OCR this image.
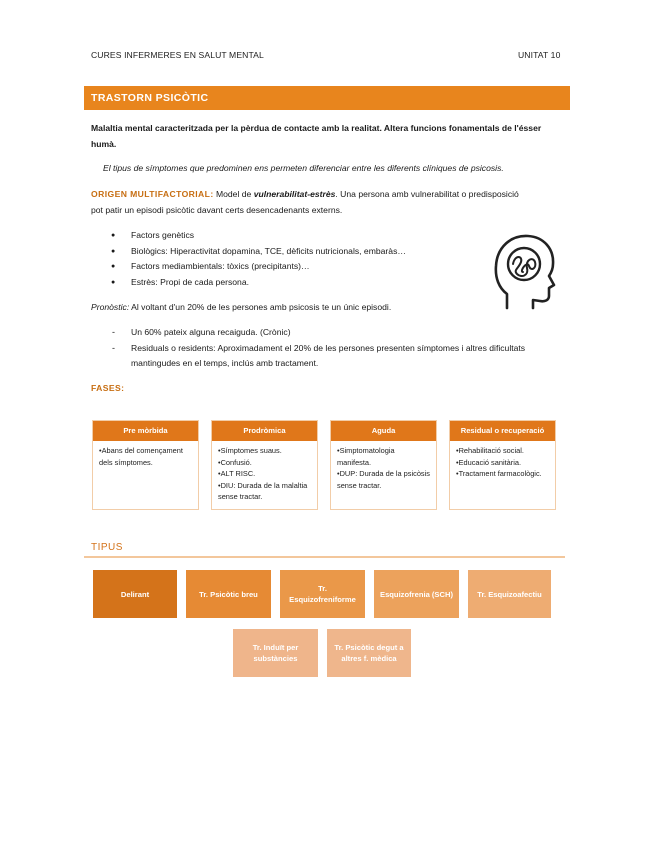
CURES INFERMERES EN SALUT MENTAL	UNITAT 10
TRASTORN PSICÒTIC
Malaltia mental caracteritzada per la pèrdua de contacte amb la realitat. Altera funcions fonamentals de l'ésser humà.
El tipus de símptomes que predominen ens permeten diferenciar entre les diferents clíniques de psicosis.
ORIGEN MULTIFACTORIAL: Model de vulnerabilitat-estrès. Una persona amb vulnerabilitat o predisposició pot patir un episodi psicòtic davant certs desencadenants externs.
● Factors genètics
● Biològics: Hiperactivitat dopamina, TCE, dèficits nutricionals, embaràs…
● Factors mediambientals: tòxics (precipitants)…
● Estrès: Propi de cada persona.
Pronòstic: Al voltant d'un 20% de les persones amb psicosis te un únic episodi.
- Un 60% pateix alguna recaiguda. (Crònic)
- Residuals o residents: Aproximadament el 20% de les persones presenten símptomes i altres dificultats mantingudes en el temps, inclús amb tractament.
FASES:
Pre mòrbida
•Abans del començament dels símptomes.
Prodròmica
•Símptomes suaus.
•Confusió.
•ALT RISC.
•DIU: Durada de la malaltia sense tractar.
Aguda
•Simptomatologia manifesta.
•DUP: Durada de la psicòsis sense tractar.
Residual o recuperació
•Rehabilitació social.
•Educació sanitària.
•Tractament farmacològic.
TIPUS
Delirant	Tr. Psicòtic breu
Tr. Esquizofreniforme
Esquizofrenia (SCH)	Tr. Esquizoafectiu
Tr. Induït per substàncies
Tr. Psicòtic degut a altres f. mèdica
